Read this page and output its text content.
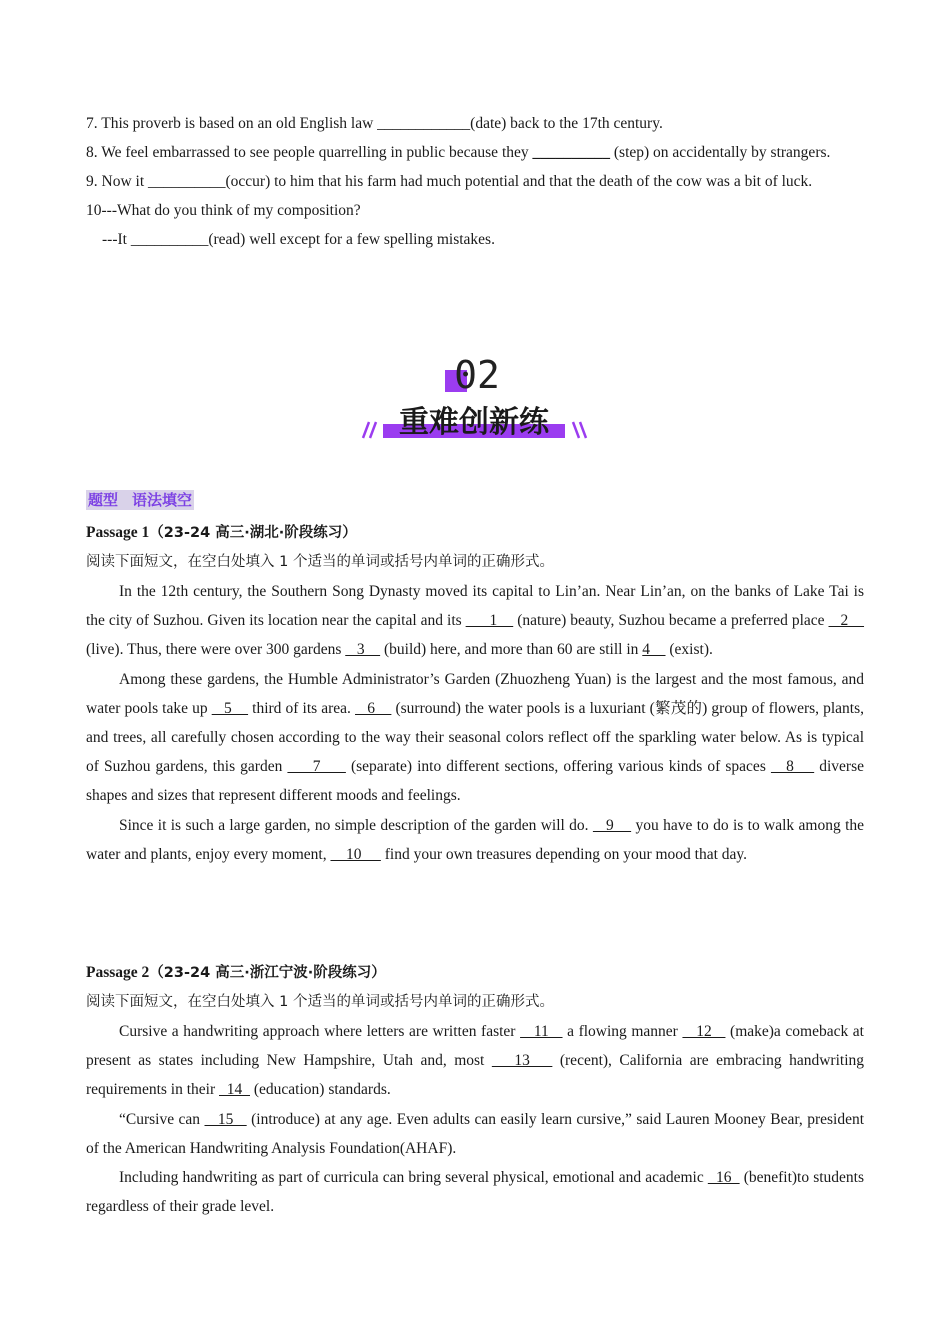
7. This proverb is based on an old English law ____________(date) back to the 17th century.

8. We feel embarrassed to see people quarrelling in public because they __________ (step) on accidentally by strangers.

9. Now it __________(occur) to him that his farm had much potential and that the death of the cow was a bit of luck.

10---What do you think of my composition?

---It __________(read) well except for a few spelling mistakes.

02
重难创新练
题型 语法填空

Passage 1（23-24 高三·湖北·阶段练习）

阅读下面短文，在空白处填入 1 个适当的单词或括号内单词的正确形式。

In the 12th century, the Southern Song Dynasty moved its capital to Lin’an. Near Lin’an, on the banks of Lake Tai is the city of Suzhou. Given its location near the capital and its       1     (nature) beauty, Suzhou became a preferred place    2     (live). Thus, there were over 300 gardens    3     (build) here, and more than 60 are still in 4     (exist).

Among these gardens, the Humble Administrator’s Garden (Zhuozheng Yuan) is the largest and the most famous, and water pools take up    5     third of its area.    6     (surround) the water pools is a luxuriant (繁茂的) group of flowers, plants, and trees, all carefully chosen according to the way their seasonal colors reflect off the sparkling water below. As is typical of Suzhou gardens, this garden      7      (separate) into different sections, offering various kinds of spaces    8     diverse shapes and sizes that represent different moods and feelings.

Since it is such a large garden, no simple description of the garden will do.    9     you have to do is to walk among the water and plants, enjoy every moment,     10      find your own treasures depending on your mood that day.

Passage 2（23-24 高三·浙江宁波·阶段练习）

阅读下面短文，在空白处填入 1 个适当的单词或括号内单词的正确形式。

Cursive a handwriting approach where letters are written faster    11    a flowing manner    12    (make)a comeback at present as states including New Hampshire, Utah and, most    13    (recent), California are embracing handwriting requirements in their   14   (education) standards.

“Cursive can    15    (introduce) at any age. Even adults can easily learn cursive,” said Lauren Mooney Bear, president of the American Handwriting Analysis Foundation(AHAF).

Including handwriting as part of curricula can bring several physical, emotional and academic   16   (benefit)to students regardless of their grade level.
